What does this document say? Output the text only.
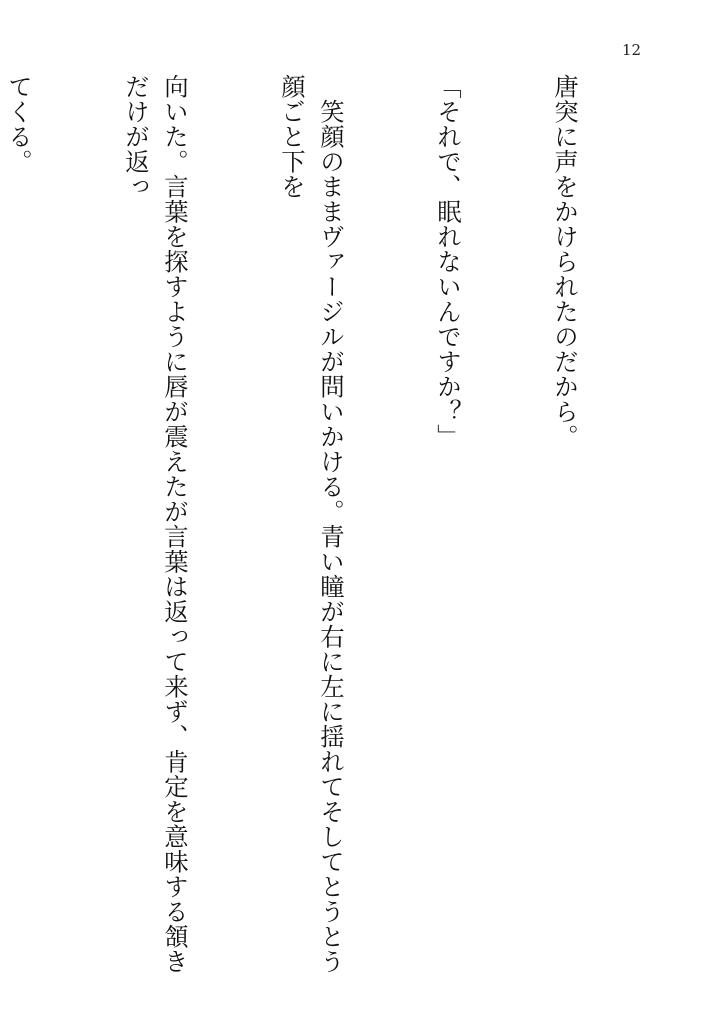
12

唐突に声をかけられたのだから。

「それで、眠れないんですか？」

　笑顔のままヴァージルが問いかける。青い瞳が右に左に揺れてそしてとうとう顔ごと下を

向いた。言葉を探すように唇が震えたが言葉は返って来ず、肯定を意味する頷きだけが返っ

てくる。
